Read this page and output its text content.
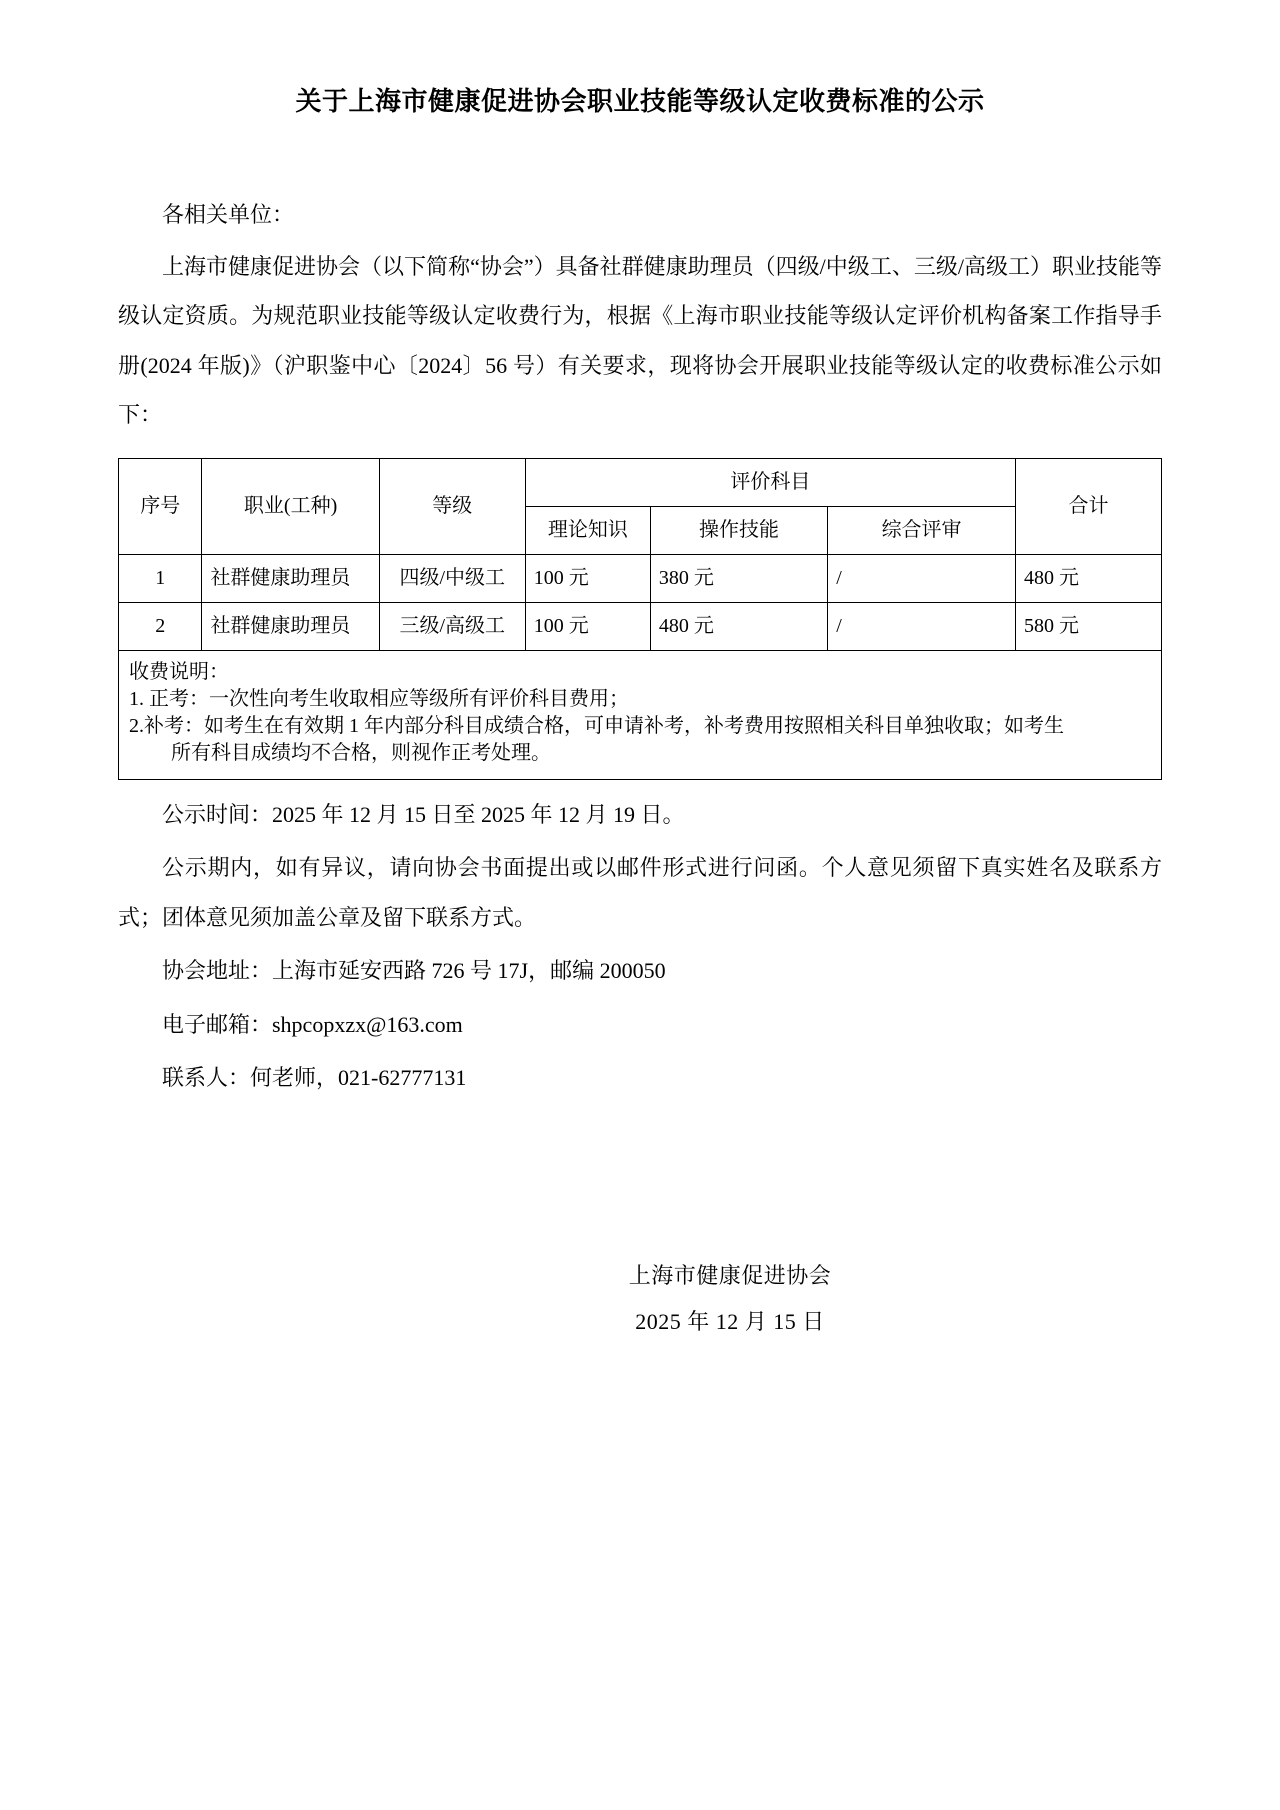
关于上海市健康促进协会职业技能等级认定收费标准的公示

各相关单位：

上海市健康促进协会（以下简称“协会”）具备社群健康助理员（四级/中级工、三级/高级工）职业技能等级认定资质。为规范职业技能等级认定收费行为，根据《上海市职业技能等级认定评价机构备案工作指导手册(2024 年版)》（沪职鉴中心〔2024〕56 号）有关要求，现将协会开展职业技能等级认定的收费标准公示如下：

序号	职业(工种)	等级	评价科目			合计
			理论知识	操作技能	综合评审	
1	社群健康助理员	四级/中级工	100 元	380 元	/	480 元
2	社群健康助理员	三级/高级工	100 元	480 元	/	580 元

收费说明：
1. 正考：一次性向考生收取相应等级所有评价科目费用；
2.补考：如考生在有效期 1 年内部分科目成绩合格，可申请补考，补考费用按照相关科目单独收取；如考生
所有科目成绩均不合格，则视作正考处理。						

公示时间：2025 年 12 月 15 日至 2025 年 12 月 19 日。

公示期内，如有异议，请向协会书面提出或以邮件形式进行问函。个人意见须留下真实姓名及联系方式；团体意见须加盖公章及留下联系方式。

协会地址：上海市延安西路 726 号 17J，邮编 200050

电子邮箱：shpcopxzx@163.com

联系人：何老师，021-62777131

上海市健康促进协会
2025 年 12 月 15 日
